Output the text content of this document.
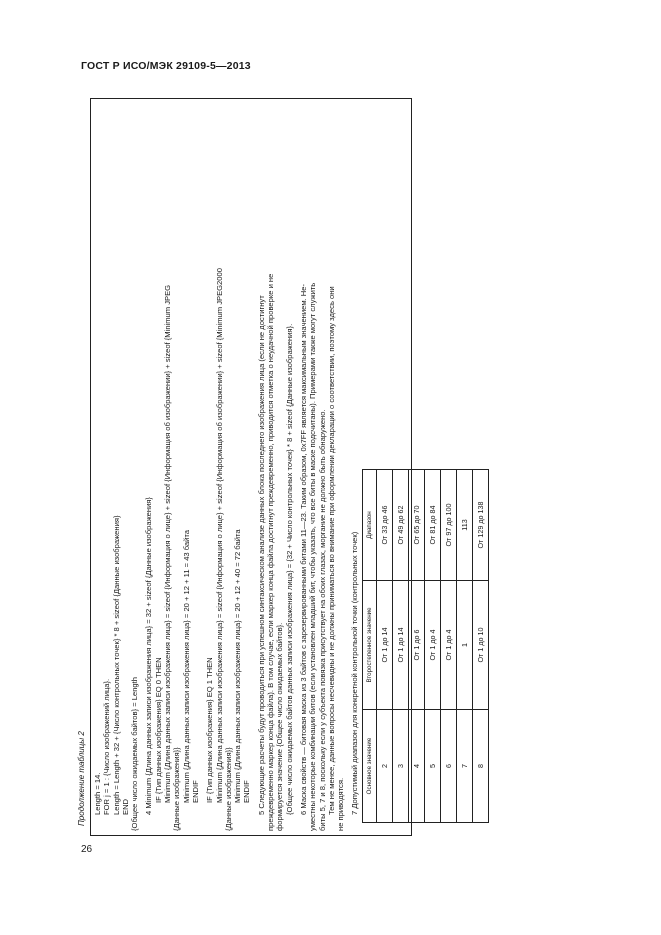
ГОСТ Р ИСО/МЭК 29109-5—2013
Продолжение таблицы 2 Length = 14. FOR j = 1 : {Число изображений лица}. Length = Length + 32 + {Число контрольных точек} * 8 + sizeof {Данные изображения} END {Общее число ожидаемых байтов} = Length 4 Minimum {Длина данных записи изображения лица} = 32 + sizeof {Данные изображения} IF {Тип данных изображения} EQ 0 THEN Minimum {Длина данных записи изображения лица} = sizeof {Информация о лице} + sizeof {Информация об изображении} + sizeof {Minimum JPEG {Данные изображения}} Minimum {Длина данных записи изображения лица} = 20 + 12 + 11 = 43 байта ENDIF IF {Тип данных изображения} EQ 1 THEN Minimum {Длина данных записи изображения лица} = sizeof {Информация о лице} + sizeof {Информация об изображении} + sizeof {Minimum JPEG2000 {Данные изображения}} Minimum {Длина данных записи изображения лица} = 20 + 12 + 40 = 72 байта ENDIF 5 Следующие расчеты будут проводиться при успешном синтаксическом анализе данных блока последнего изображения лица (если не достигнут преждевременно маркер конца файла). В том случае, если маркер конца файла достигнут преждевременно, приводится отметка о неудачной проверке и не формируется значение {Общее число ожидаемых байтов}. {Общее число ожидаемых байтов данных записи изображения лица} = {32 + Число контрольных точек} * 8 + sizeof {Данные изображения}. 6 Маска свойств — битовая маска из 3 байтов с зарезервированными битами 11—23. Таким образом, 0x7FF является максимальным значением. Не- уместны некоторые комбинации битов (если установлен младший бит, чтобы указать, что все биты в маске подсчитаны). Примерами также могут служить биты 5, 7 и 8, поскольку если у субъекта повязка присутствует на обоих глазах, моргание не должно быть обнаружено. Тем не менее, данные вопросы несчевидны и не должны приниматься во внимание при оформлении декларации о соответствии, поэтому здесь они не приводятся. 7 Допустимый диапазон для конкретной контрольной точки (контрольных точек) Основное значение	Второстепенное значение	Диапазон
2	От 1 до 14	От 33 до 46
3	От 1 до 14	От 49 до 62
4	От 1 до 6	От 65 до 70
5	От 1 до 4	От 81 до 84
6	От 1 до 4	От 97 до 100
7	1	113
8	От 1 до 10	От 129 до 138
26
